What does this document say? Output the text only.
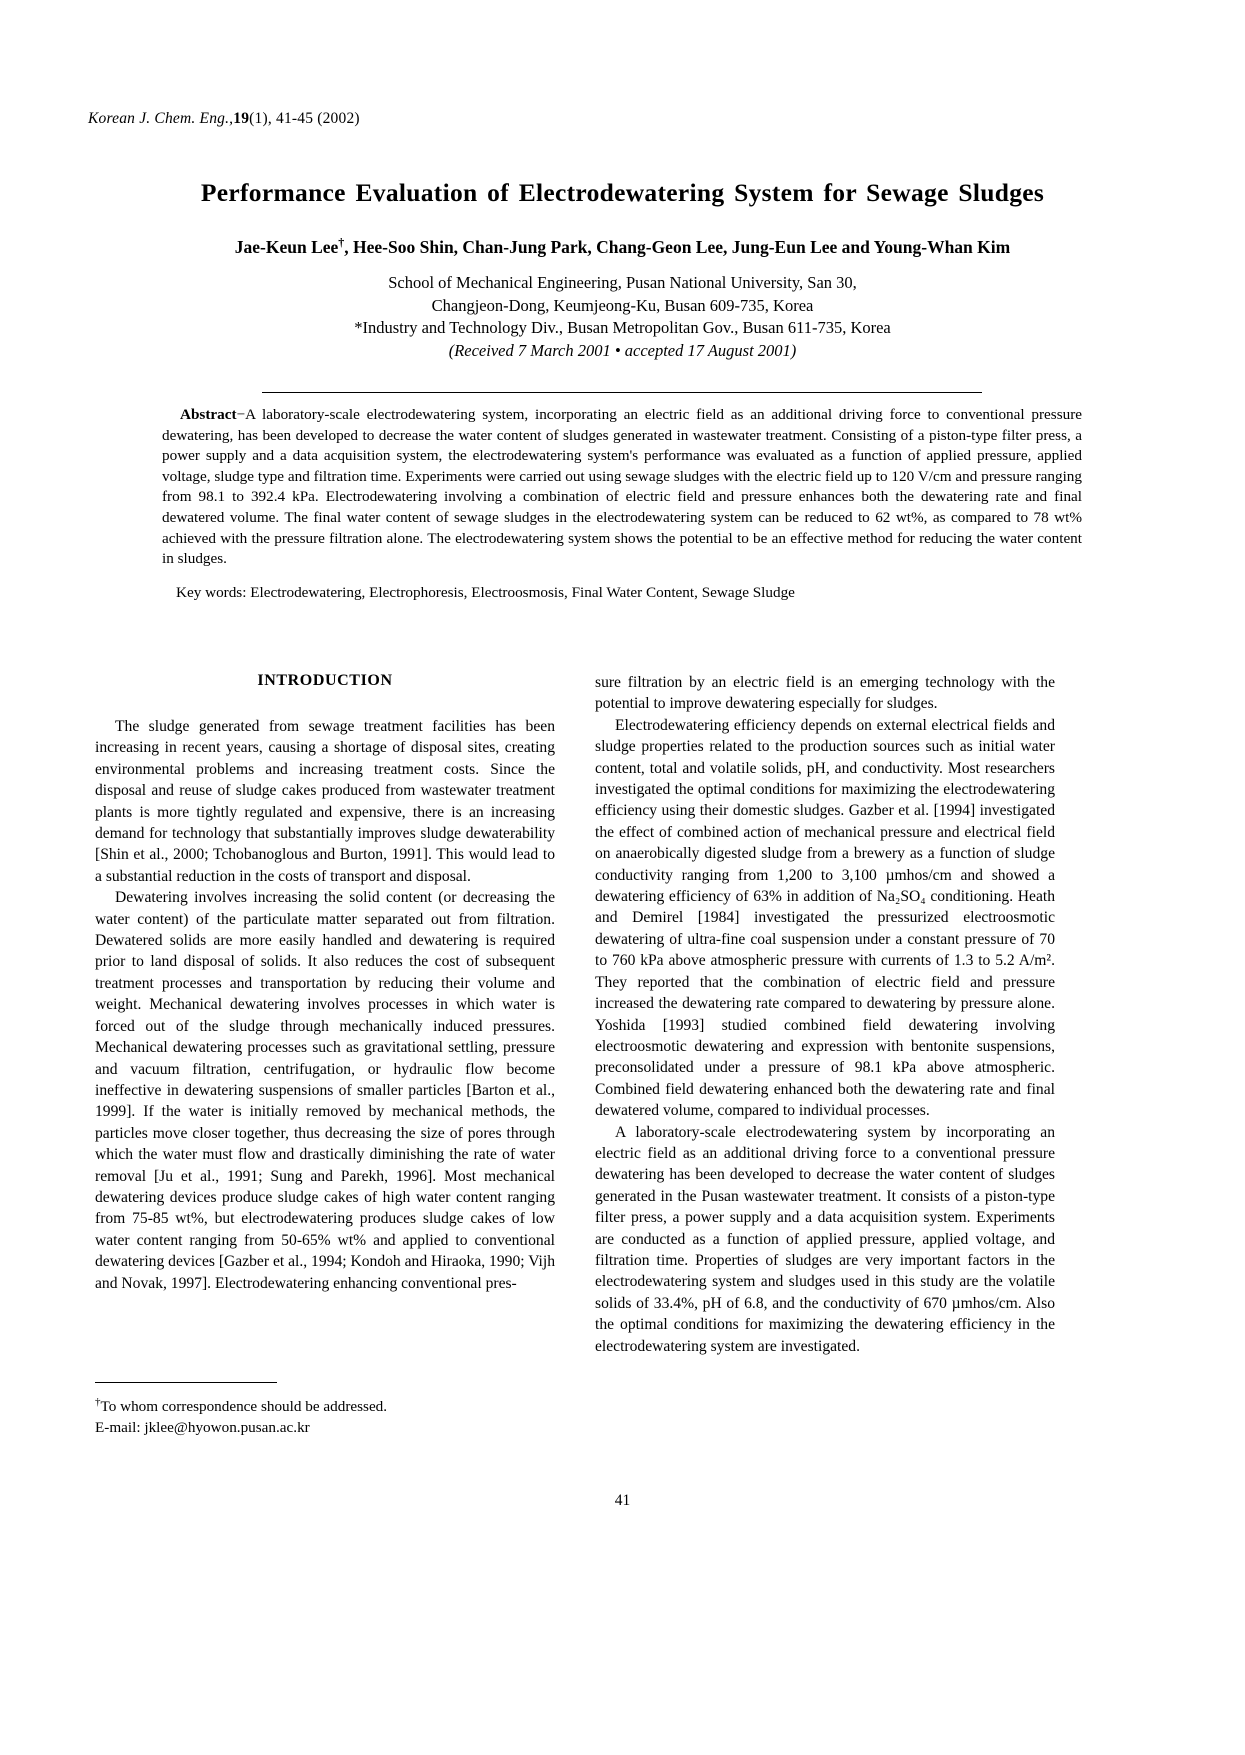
Korean J. Chem. Eng.,19(1), 41-45 (2002)
Performance Evaluation of Electrodewatering System for Sewage Sludges
Jae-Keun Lee†, Hee-Soo Shin, Chan-Jung Park, Chang-Geon Lee, Jung-Eun Lee and Young-Whan Kim
School of Mechanical Engineering, Pusan National University, San 30,
Changjeon-Dong, Keumjeong-Ku, Busan 609-735, Korea
*Industry and Technology Div., Busan Metropolitan Gov., Busan 611-735, Korea
(Received 7 March 2001 • accepted 17 August 2001)
Abstract−A laboratory-scale electrodewatering system, incorporating an electric field as an additional driving force to conventional pressure dewatering, has been developed to decrease the water content of sludges generated in wastewater treatment. Consisting of a piston-type filter press, a power supply and a data acquisition system, the electrodewatering system's performance was evaluated as a function of applied pressure, applied voltage, sludge type and filtration time. Experiments were carried out using sewage sludges with the electric field up to 120 V/cm and pressure ranging from 98.1 to 392.4 kPa. Electrodewatering involving a combination of electric field and pressure enhances both the dewatering rate and final dewatered volume. The final water content of sewage sludges in the electrodewatering system can be reduced to 62 wt%, as compared to 78 wt% achieved with the pressure filtration alone. The electrodewatering system shows the potential to be an effective method for reducing the water content in sludges.
Key words: Electrodewatering, Electrophoresis, Electroosmosis, Final Water Content, Sewage Sludge
INTRODUCTION

The sludge generated from sewage treatment facilities has been increasing in recent years, causing a shortage of disposal sites, creating environmental problems and increasing treatment costs. Since the disposal and reuse of sludge cakes produced from wastewater treatment plants is more tightly regulated and expensive, there is an increasing demand for technology that substantially improves sludge dewaterability [Shin et al., 2000; Tchobanoglous and Burton, 1991]. This would lead to a substantial reduction in the costs of transport and disposal.

Dewatering involves increasing the solid content (or decreasing the water content) of the particulate matter separated out from filtration. Dewatered solids are more easily handled and dewatering is required prior to land disposal of solids. It also reduces the cost of subsequent treatment processes and transportation by reducing their volume and weight. Mechanical dewatering involves processes in which water is forced out of the sludge through mechanically induced pressures. Mechanical dewatering processes such as gravitational settling, pressure and vacuum filtration, centrifugation, or hydraulic flow become ineffective in dewatering suspensions of smaller particles [Barton et al., 1999]. If the water is initially removed by mechanical methods, the particles move closer together, thus decreasing the size of pores through which the water must flow and drastically diminishing the rate of water removal [Ju et al., 1991; Sung and Parekh, 1996]. Most mechanical dewatering devices produce sludge cakes of high water content ranging from 75-85 wt%, but electrodewatering produces sludge cakes of low water content ranging from 50-65% wt% and applied to conventional dewatering devices [Gazber et al., 1994; Kondoh and Hiraoka, 1990; Vijh and Novak, 1997]. Electrodewatering enhancing conventional pres-

sure filtration by an electric field is an emerging technology with the potential to improve dewatering especially for sludges.

Electrodewatering efficiency depends on external electrical fields and sludge properties related to the production sources such as initial water content, total and volatile solids, pH, and conductivity. Most researchers investigated the optimal conditions for maximizing the electrodewatering efficiency using their domestic sludges. Gazber et al. [1994] investigated the effect of combined action of mechanical pressure and electrical field on anaerobically digested sludge from a brewery as a function of sludge conductivity ranging from 1,200 to 3,100 µmhos/cm and showed a dewatering efficiency of 63% in addition of Na₂SO₄ conditioning. Heath and Demirel [1984] investigated the pressurized electroosmotic dewatering of ultra-fine coal suspension under a constant pressure of 70 to 760 kPa above atmospheric pressure with currents of 1.3 to 5.2 A/m². They reported that the combination of electric field and pressure increased the dewatering rate compared to dewatering by pressure alone. Yoshida [1993] studied combined field dewatering involving electroosmotic dewatering and expression with bentonite suspensions, preconsolidated under a pressure of 98.1 kPa above atmospheric. Combined field dewatering enhanced both the dewatering rate and final dewatered volume, compared to individual processes.

A laboratory-scale electrodewatering system by incorporating an electric field as an additional driving force to a conventional pressure dewatering has been developed to decrease the water content of sludges generated in the Pusan wastewater treatment. It consists of a piston-type filter press, a power supply and a data acquisition system. Experiments are conducted as a function of applied pressure, applied voltage, and filtration time. Properties of sludges are very important factors in the electrodewatering system and sludges used in this study are the volatile solids of 33.4%, pH of 6.8, and the conductivity of 670 µmhos/cm. Also the optimal conditions for maximizing the dewatering efficiency in the electrodewatering system are investigated.

†To whom correspondence should be addressed.
E-mail: jklee@hyowon.pusan.ac.kr
41
